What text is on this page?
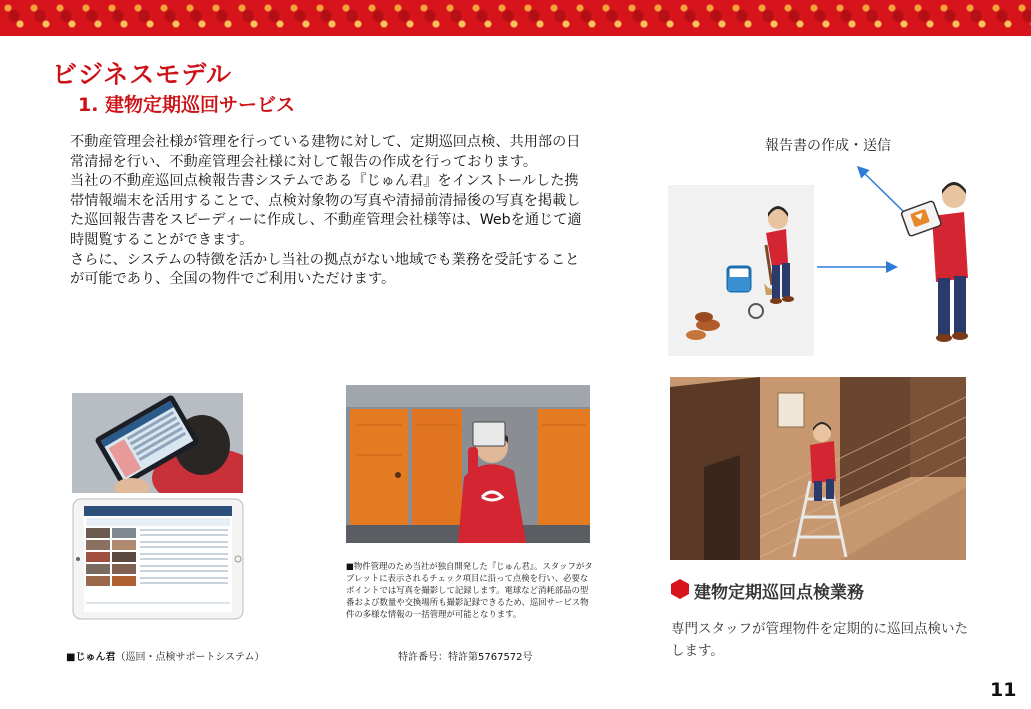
ビジネスモデル
1. 建物定期巡回サービス

不動産管理会社様が管理を行っている建物に対して、定期巡回点検、共用部の日常清掃を行い、不動産管理会社様に対して報告の作成を行っております。

当社の不動産巡回点検報告書システムである『じゅん君』をインストールした携帯情報端末を活用することで、点検対象物の写真や清掃前清掃後の写真を掲載した巡回報告書をスピーディーに作成し、不動産管理会社様等は、Webを通じて適時閲覧することができます。

さらに、システムの特徴を活かし当社の拠点がない地域でも業務を受託することが可能であり、全国の物件でご利用いただけます。

■物件管理のため当社が独自開発した『じゅん君』。スタッフがタブレットに表示されるチェック項目に沿って点検を行い、必要なポイントでは写真を撮影して記録します。電球など消耗部品の型番および数量や交換場所も撮影記録できるため、巡回サービス物件の多様な情報の一括管理が可能となります。
■じゅん君（巡回・点検サポートシステム）	特許番号：特許第5767572号
報告書の作成・送信
建物定期巡回点検業務
専門スタッフが管理物件を定期的に巡回点検いたします。
11
